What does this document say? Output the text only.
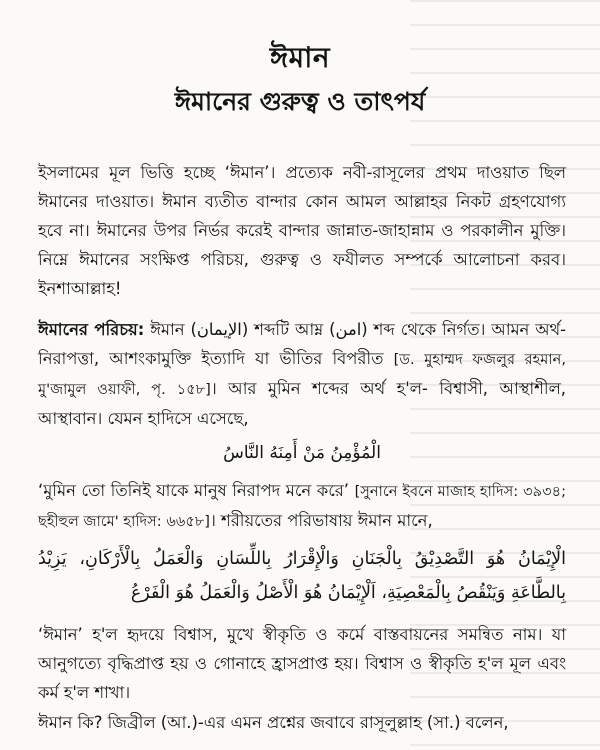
ঈমান
ঈমানের গুরুত্ব ও তাৎপর্য

ইসলামের মূল ভিত্তি হচ্ছে ‘ঈমান’। প্রত্যেক নবী-রাসূলের প্রথম দাওয়াত ছিল ঈমানের দাওয়াত। ঈমান ব্যতীত বান্দার কোন আমল আল্লাহর নিকট গ্রহণযোগ্য হবে না। ঈমানের উপর নির্ভর করেই বান্দার জান্নাত-জাহান্নাম ও পরকালীন মুক্তি। নিম্নে ঈমানের সংক্ষিপ্ত পরিচয়, গুরুত্ব ও ফযীলত সম্পর্কে আলোচনা করব। ইনশাআল্লাহ!

ঈমানের পরিচয়: ঈমান (الإيمان) শব্দটি আম্ন (امن) শব্দ থেকে নির্গত। আমন অর্থ- নিরাপত্তা, আশংকামুক্তি ইত্যাদি যা ভীতির বিপরীত [ড. মুহাম্মদ ফজলুর রহমান, মু'জামুল ওয়াফী, পৃ. ১৫৮]। আর মুমিন শব্দের অর্থ হ'ল- বিশ্বাসী, আস্থাশীল, আস্থাবান। যেমন হাদিসে এসেছে,

الْمُؤْمِنُ مَنْ أَمِنَهُ النَّاسُ

‘মুমিন তো তিনিই যাকে মানুষ নিরাপদ মনে করে’ [সুনানে ইবনে মাজাহ হাদিস: ৩৯৩৪; ছহীহুল জামে' হাদিস: ৬৬৫৮]। শরীয়তের পরিভাষায় ঈমান মানে,

الْإِيْمَانُ هُوَ التَّصْدِيْقُ بِالْجَنَانِ وَالْإِقْرَارُ بِاللِّسَانِ وَالْعَمَلُ بِالْأَرْكَانِ، يَزِيْدُ بِالطَّاعَةِ وَيَنْقُصُ بِالْمَعْصِيَةِ، اَلْإِيْمَانُ هُوَ الْأَصْلُ وَالْعَمَلُ هُوَ الْفَرْعُ

‘ঈমান’ হ'ল হৃদয়ে বিশ্বাস, মুখে স্বীকৃতি ও কর্মে বাস্তবায়নের সমন্বিত নাম। যা আনুগত্যে বৃদ্ধিপ্রাপ্ত হয় ও গোনাহে হ্রাসপ্রাপ্ত হয়। বিশ্বাস ও স্বীকৃতি হ'ল মূল এবং কর্ম হ'ল শাখা।

ঈমান কি? জিব্রীল (আ.)-এর এমন প্রশ্নের জবাবে রাসূলুল্লাহ (সা.) বলেন,
